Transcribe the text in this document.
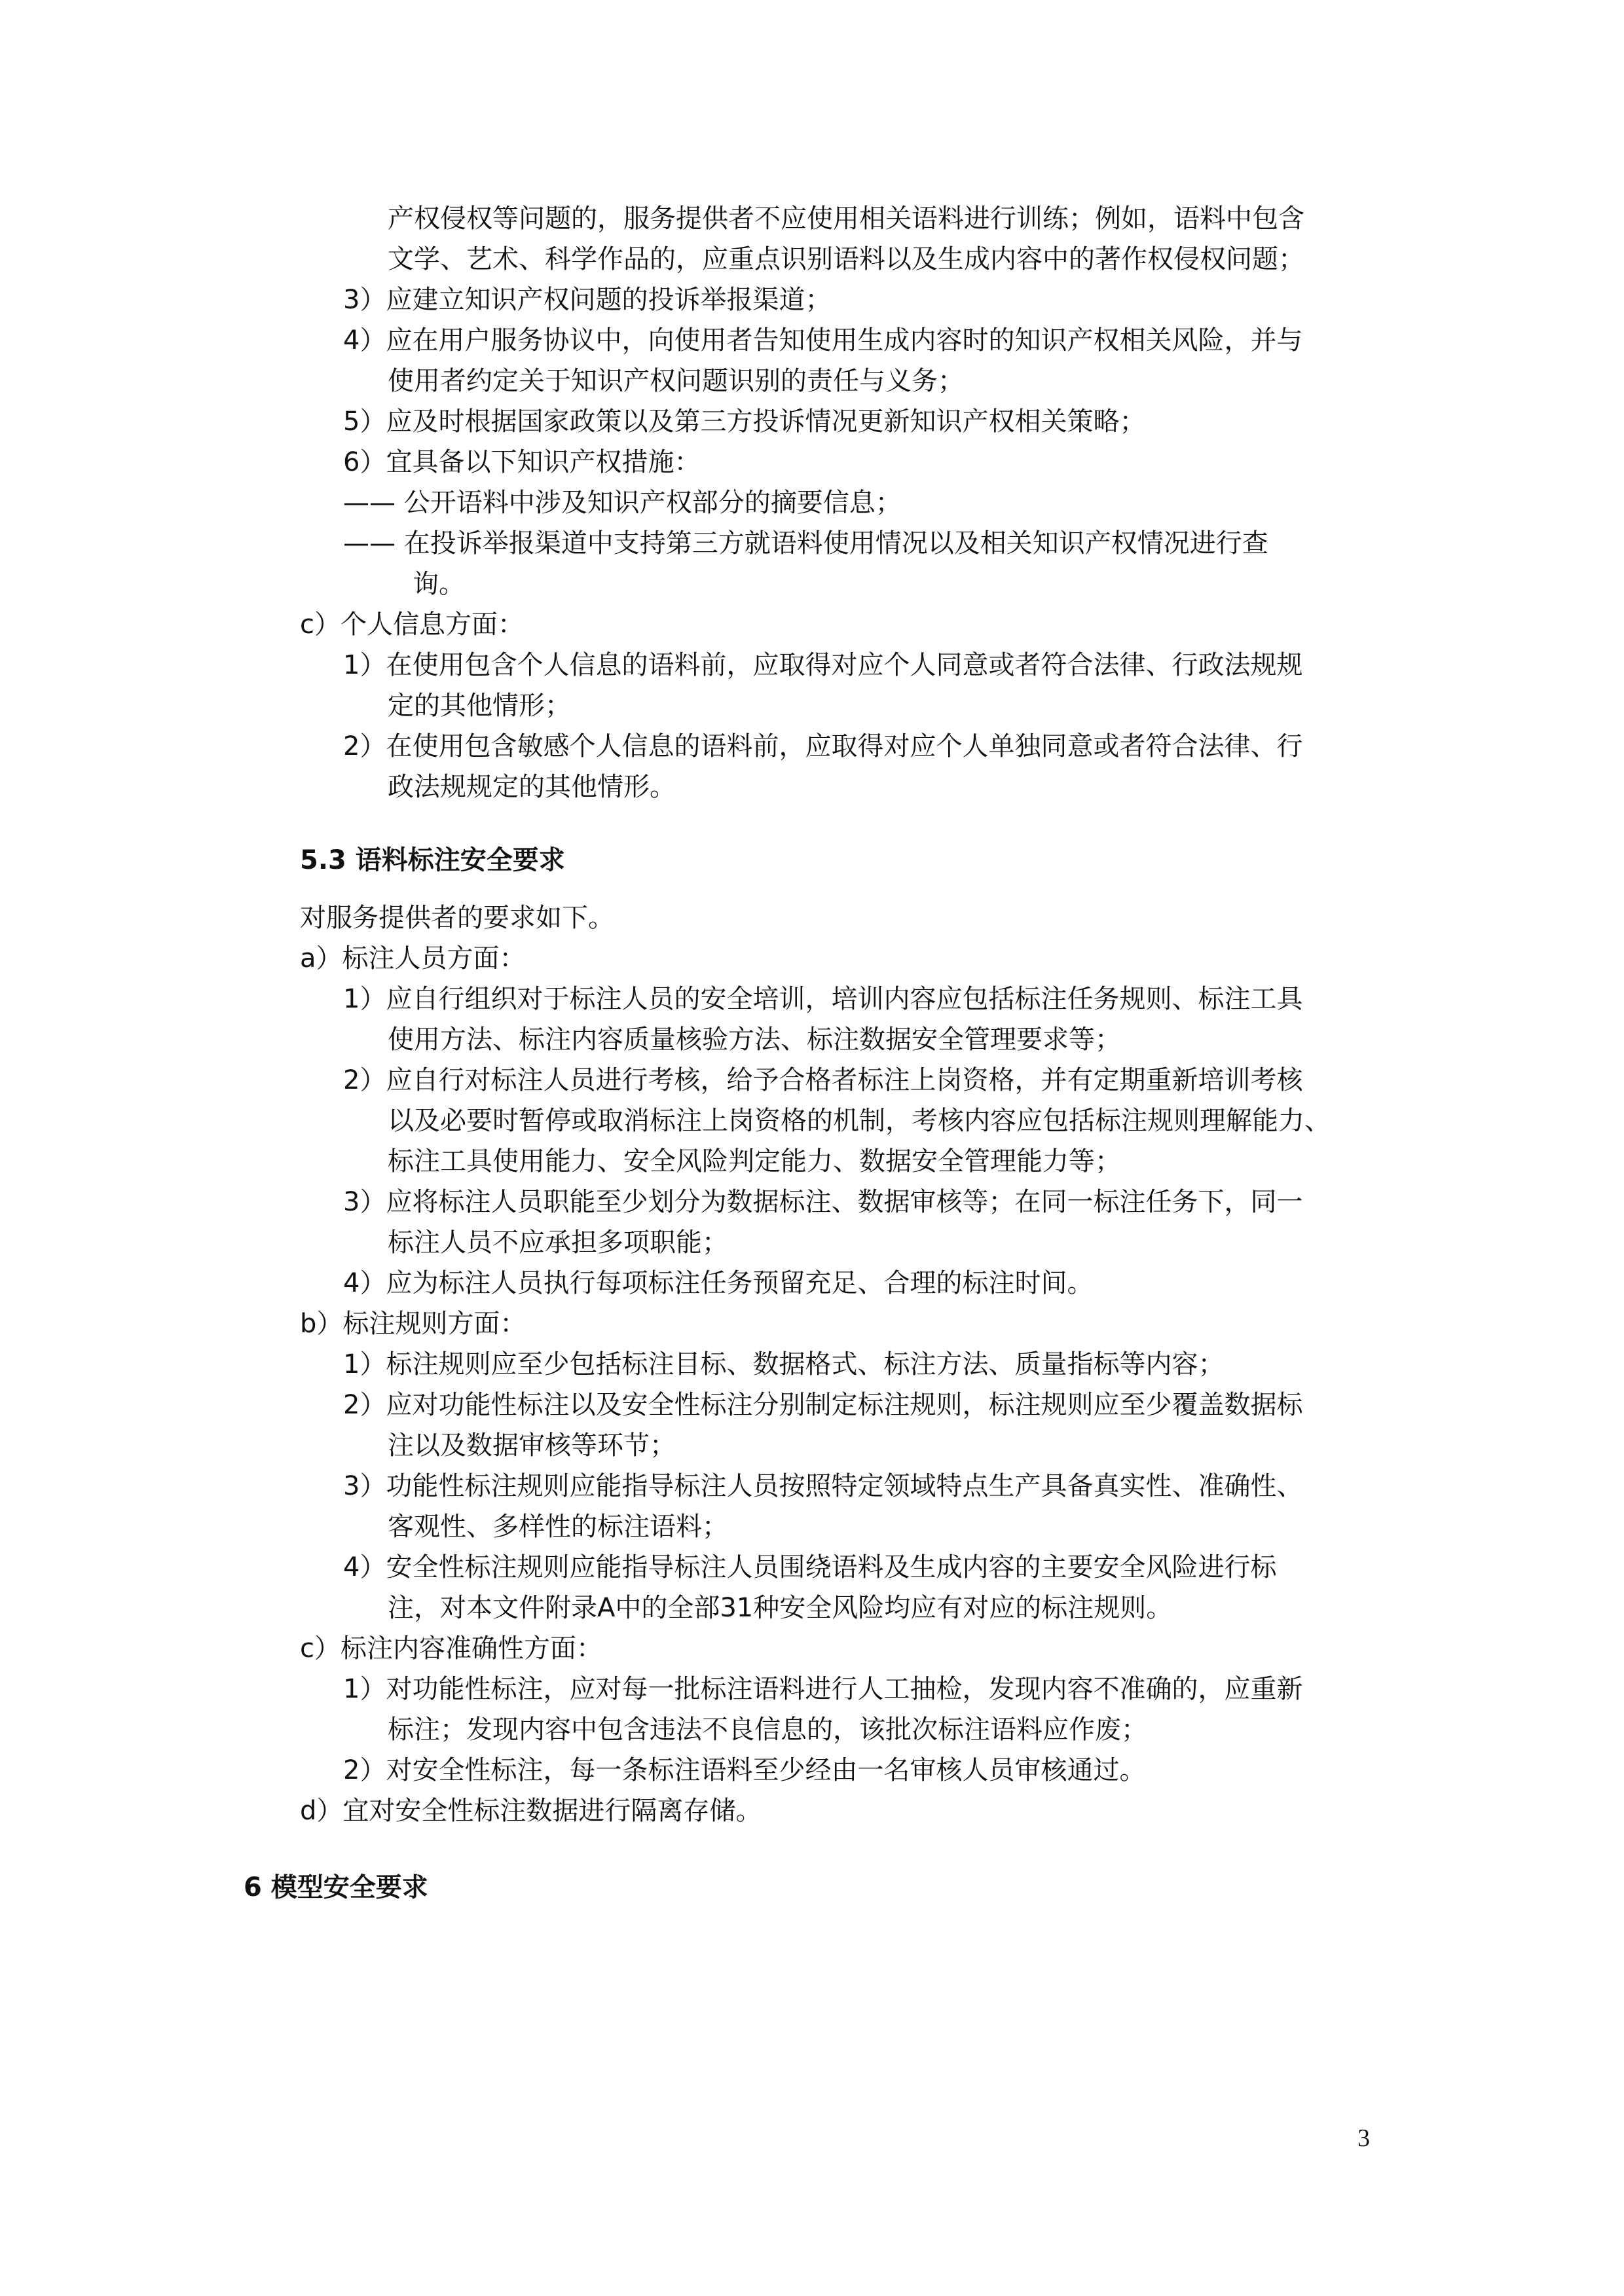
产权侵权等问题的，服务提供者不应使用相关语料进行训练；例如，语料中包含
文学、艺术、科学作品的，应重点识别语料以及生成内容中的著作权侵权问题；
3）应建立知识产权问题的投诉举报渠道；
4）应在用户服务协议中，向使用者告知使用生成内容时的知识产权相关风险，并与
使用者约定关于知识产权问题识别的责任与义务；
5）应及时根据国家政策以及第三方投诉情况更新知识产权相关策略；
6）宜具备以下知识产权措施：
—— 公开语料中涉及知识产权部分的摘要信息；
—— 在投诉举报渠道中支持第三方就语料使用情况以及相关知识产权情况进行查
询。
c）个人信息方面：
1）在使用包含个人信息的语料前，应取得对应个人同意或者符合法律、行政法规规
定的其他情形；
2）在使用包含敏感个人信息的语料前，应取得对应个人单独同意或者符合法律、行
政法规规定的其他情形。
5.3 语料标注安全要求
对服务提供者的要求如下。
a）标注人员方面：
1）应自行组织对于标注人员的安全培训，培训内容应包括标注任务规则、标注工具
使用方法、标注内容质量核验方法、标注数据安全管理要求等；
2）应自行对标注人员进行考核，给予合格者标注上岗资格，并有定期重新培训考核
以及必要时暂停或取消标注上岗资格的机制，考核内容应包括标注规则理解能力、
标注工具使用能力、安全风险判定能力、数据安全管理能力等；
3）应将标注人员职能至少划分为数据标注、数据审核等；在同一标注任务下，同一
标注人员不应承担多项职能；
4）应为标注人员执行每项标注任务预留充足、合理的标注时间。
b）标注规则方面：
1）标注规则应至少包括标注目标、数据格式、标注方法、质量指标等内容；
2）应对功能性标注以及安全性标注分别制定标注规则，标注规则应至少覆盖数据标
注以及数据审核等环节；
3）功能性标注规则应能指导标注人员按照特定领域特点生产具备真实性、准确性、
客观性、多样性的标注语料；
4）安全性标注规则应能指导标注人员围绕语料及生成内容的主要安全风险进行标
注，对本文件附录A中的全部31种安全风险均应有对应的标注规则。
c）标注内容准确性方面：
1）对功能性标注，应对每一批标注语料进行人工抽检，发现内容不准确的，应重新
标注；发现内容中包含违法不良信息的，该批次标注语料应作废；
2）对安全性标注，每一条标注语料至少经由一名审核人员审核通过。
d）宜对安全性标注数据进行隔离存储。
6 模型安全要求
3
